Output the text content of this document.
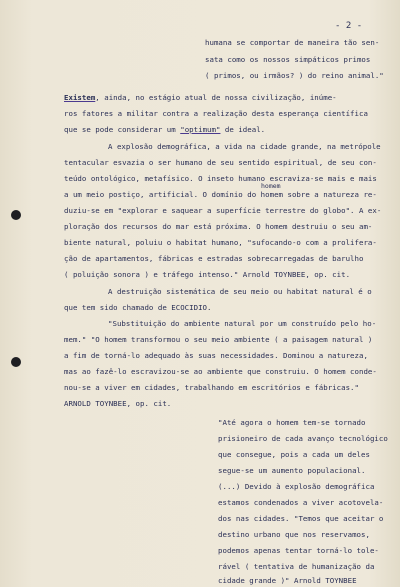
- 2 -
humana se comportar de maneira tão sen-
sata como os nossos simpáticos primos
( primos, ou irmãos? ) do reino animal."
Existem, ainda, no estágio atual de nossa civilização, inúme-
ros fatores a militar contra a realização desta esperança científica
que se pode considerar um "optimum" de ideal.
A explosão demográfica, a vida na cidade grande, na metrópole
tentacular esvazia o ser humano de seu sentido espiritual, de seu con-
teúdo ontológico, metafísico. O inseto humano escraviza-se mais e mais
homem
a um meio postiço, artificial. O domínio do homem sobre a natureza re-
duziu-se em "explorar e saquear a superfície terrestre do globo". A ex-
ploração dos recursos do mar está próxima. O homem destruiu o seu am-
biente natural, poluiu o habitat humano, "sufocando-o com a prolifera-
ção de apartamentos, fábricas e estradas sobrecarregadas de barulho
( poluição sonora ) e tráfego intenso." Arnold TOYNBEE, op. cit.
A destruição sistemática de seu meio ou habitat natural é o
que tem sido chamado de ECOCIDIO.
"Substituição do ambiente natural por um construído pelo ho-
mem." "O homem transformou o seu meio ambiente ( a paisagem natural )
a fim de torná-lo adequado às suas necessidades. Dominou a natureza,
mas ao fazê-lo escravizou-se ao ambiente que construiu. O homem conde-
nou-se a viver em cidades, trabalhando em escritórios e fábricas."
ARNOLD TOYNBEE, op. cit.
"Até agora o homem tem-se tornado
prisioneiro de cada avanço tecnológico
que consegue, pois a cada um deles
segue-se um aumento populacional.
(...) Devido à explosão demográfica
estamos condenados a viver acotovela-
dos nas cidades. "Temos que aceitar o
destino urbano que nos reservamos,
podemos apenas tentar torná-lo tole-
rável ( tentativa de humanização da
cidade grande )" Arnold TOYNBEE
